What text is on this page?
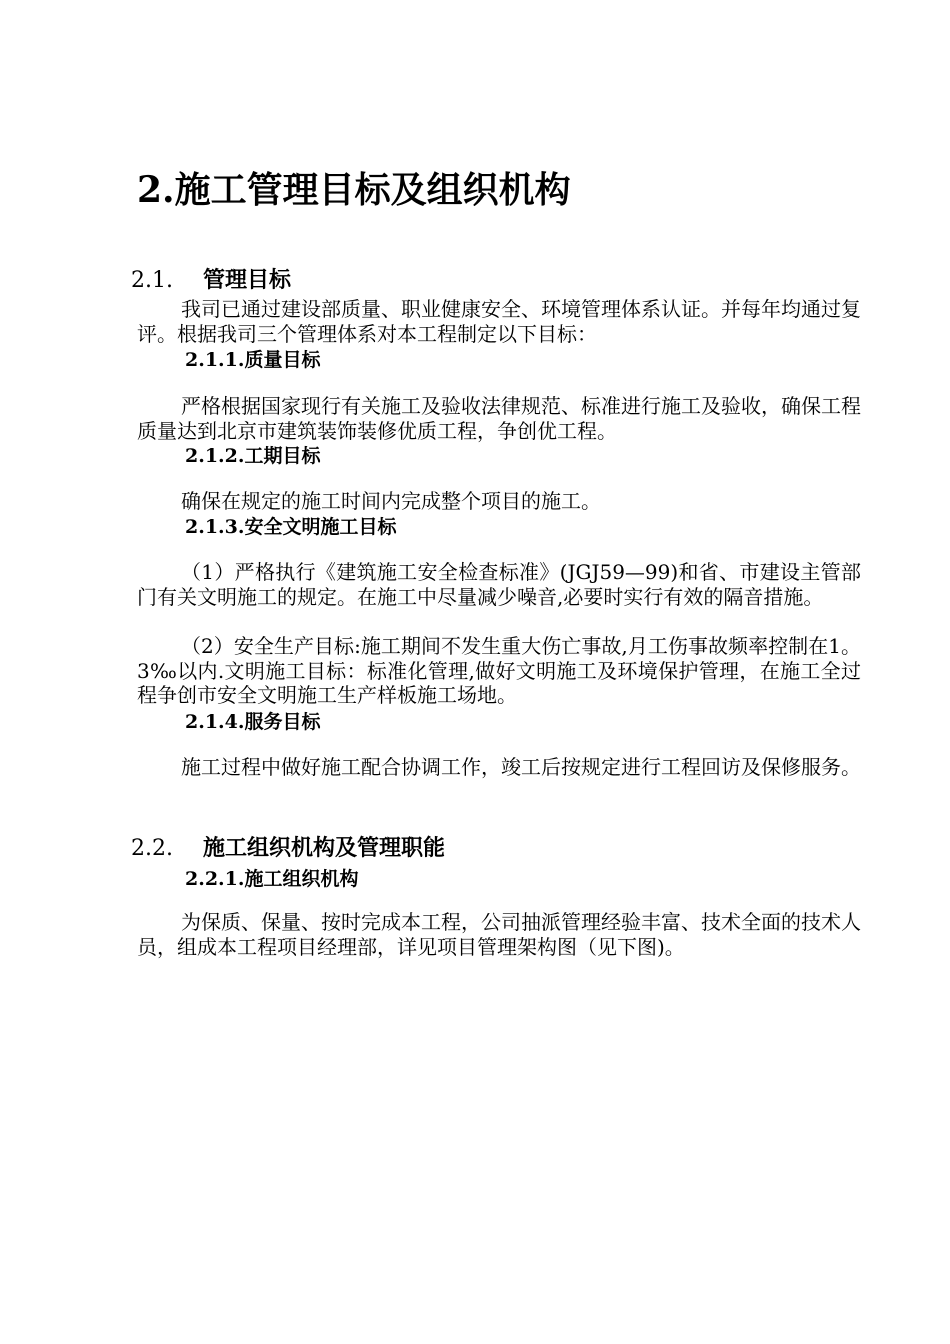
2.施工管理目标及组织机构
2.1. 管理目标

我司已通过建设部质量、职业健康安全、环境管理体系认证。并每年均通过复评。根据我司三个管理体系对本工程制定以下目标：

2.1.1.质量目标

严格根据国家现行有关施工及验收法律规范、标准进行施工及验收，确保工程质量达到北京市建筑装饰装修优质工程，争创优工程。

2.1.2.工期目标

确保在规定的施工时间内完成整个项目的施工。

2.1.3.安全文明施工目标

（1）严格执行《建筑施工安全检查标准》(JGJ59—99)和省、市建设主管部门有关文明施工的规定。在施工中尽量减少噪音,必要时实行有效的隔音措施。

（2）安全生产目标:施工期间不发生重大伤亡事故,月工伤事故频率控制在1。3‰以内.文明施工目标：标准化管理,做好文明施工及环境保护管理，在施工全过程争创市安全文明施工生产样板施工场地。

2.1.4.服务目标

施工过程中做好施工配合协调工作，竣工后按规定进行工程回访及保修服务。

2.2. 施工组织机构及管理职能
2.2.1.施工组织机构

为保质、保量、按时完成本工程，公司抽派管理经验丰富、技术全面的技术人员，组成本工程项目经理部，详见项目管理架构图（见下图)。
